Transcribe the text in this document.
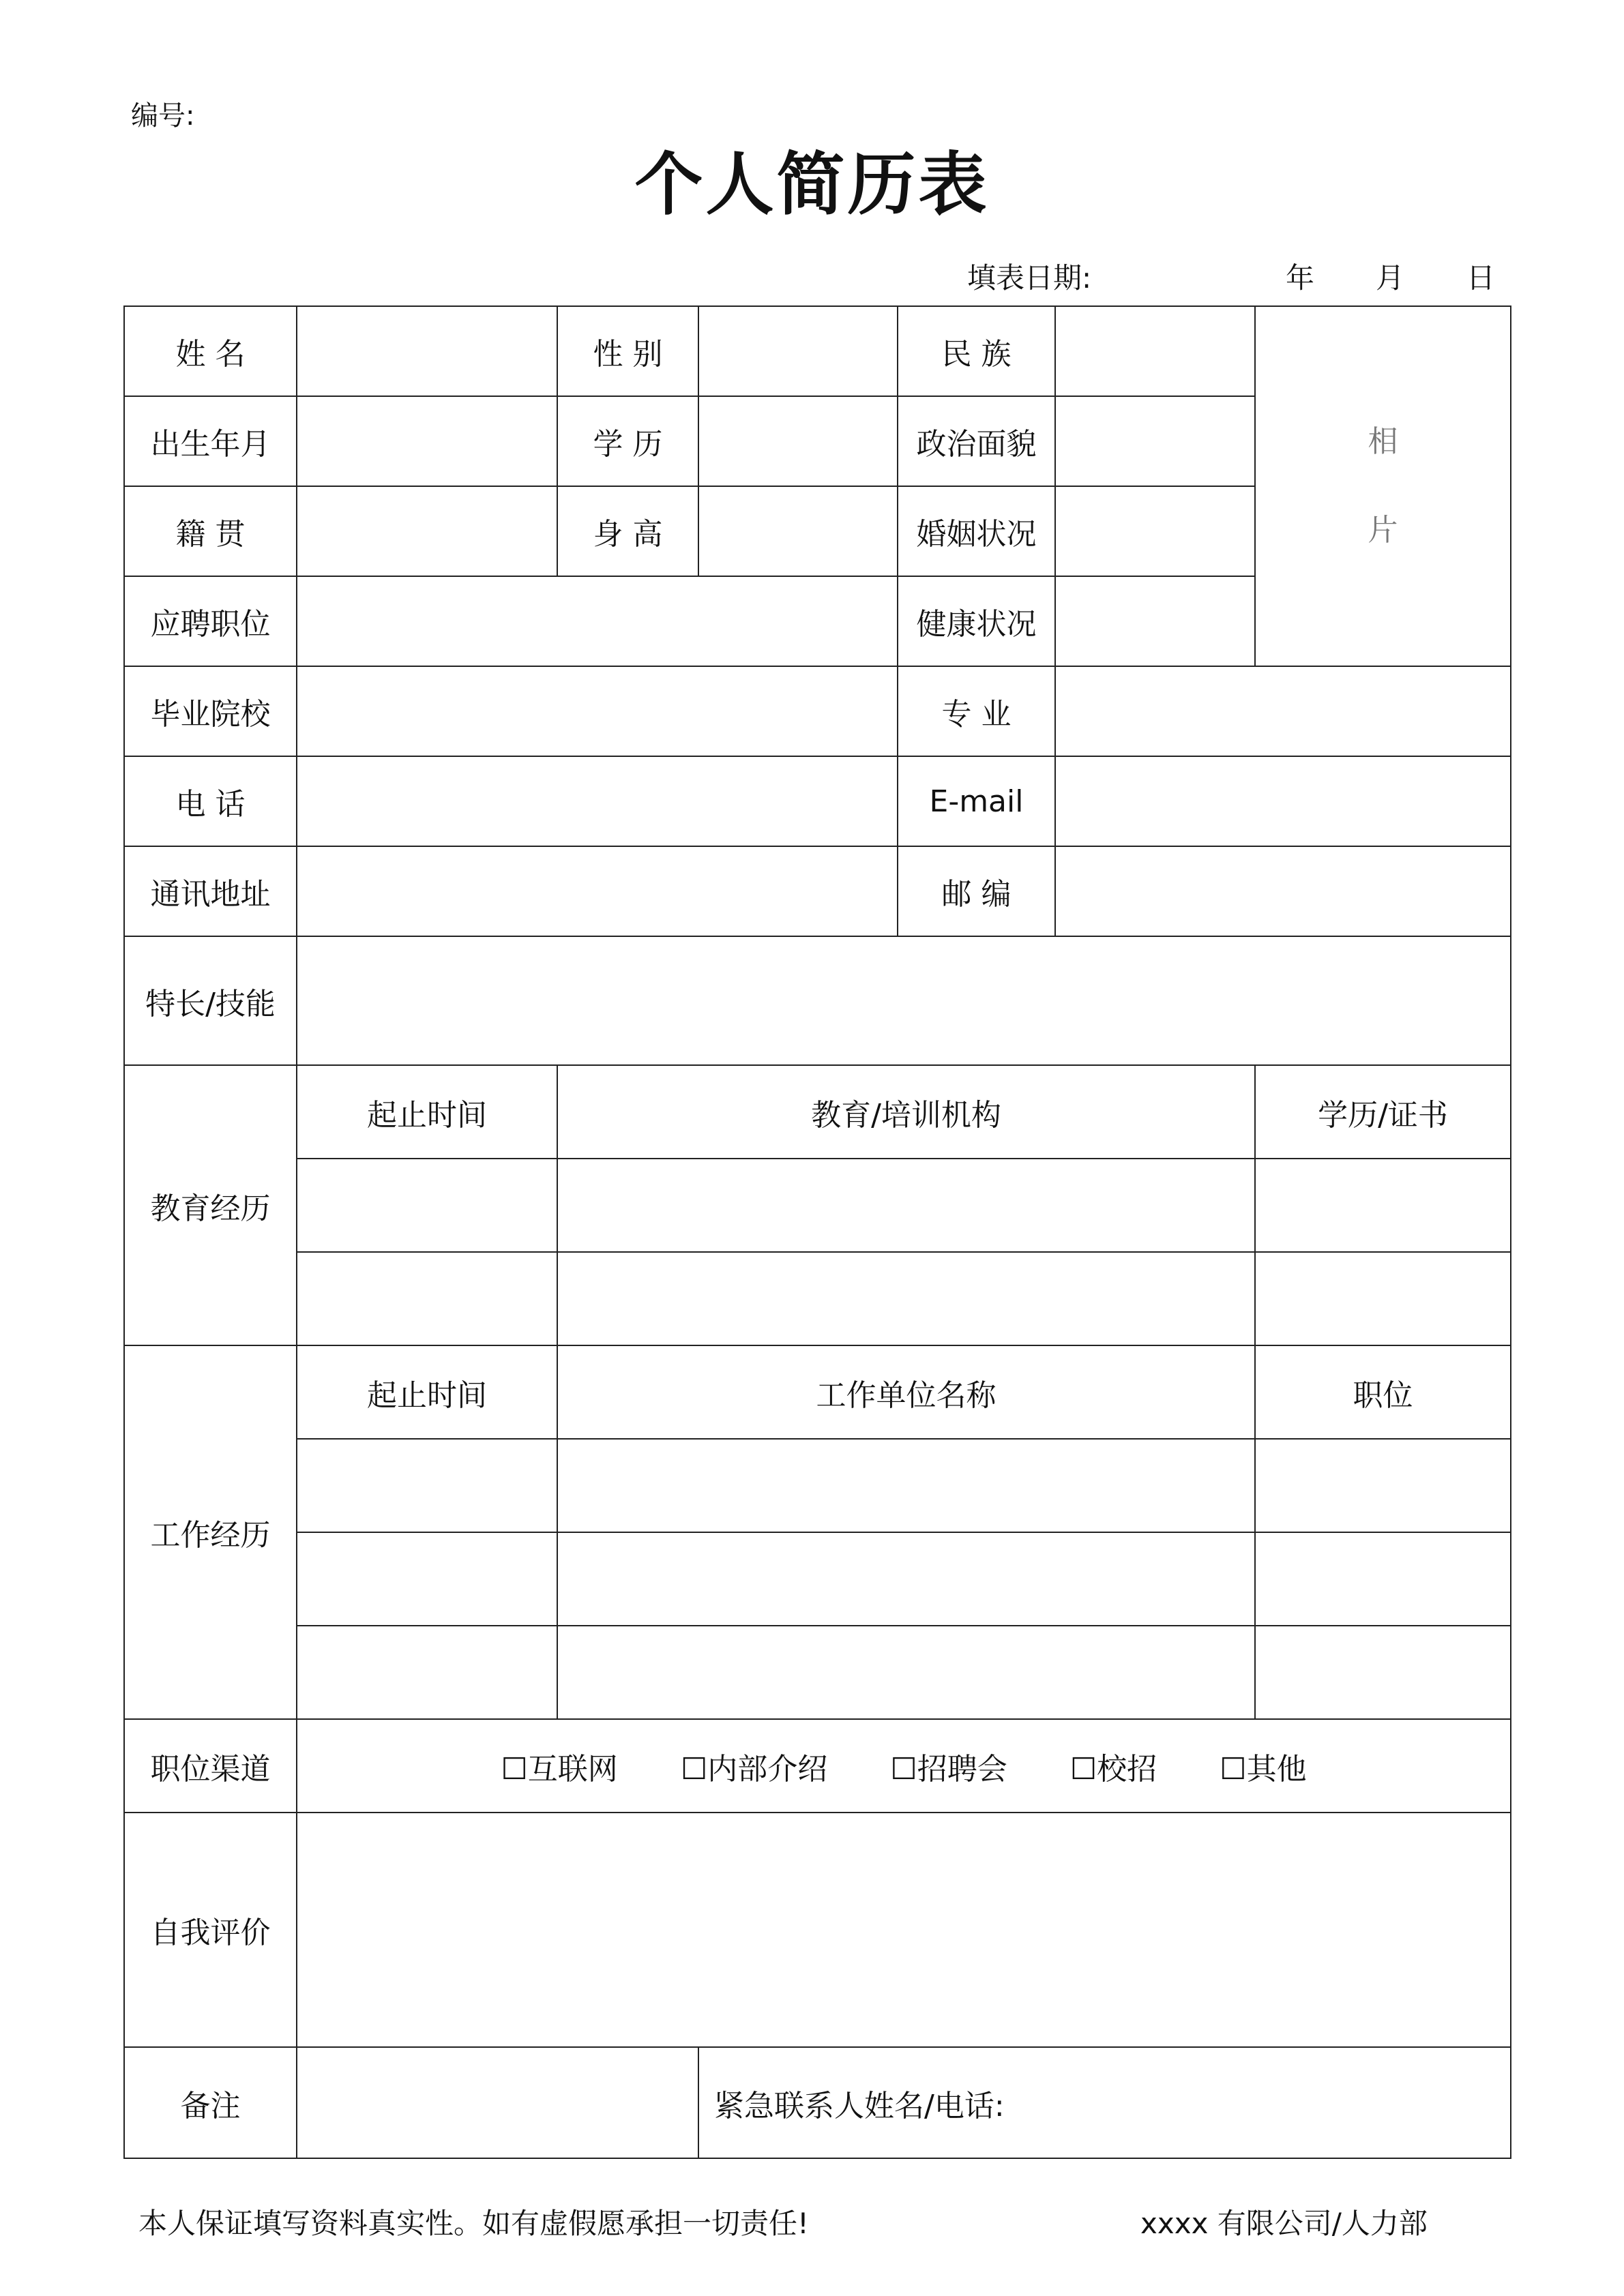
编号:
个人简历表
填表日期:	年 月 日
姓 名		性 别		民 族		相
片

出生年月		学 历		政治面貌		
籍 贯		身 高		婚姻状况		
应聘职位				健康状况		
毕业院校				专 业		
电 话				E-mail		
通讯地址				邮 编		
特长/技能						
教育经历	起止时间	教育/培训机构				学历/证书

工作经历	起止时间	工作单位名称				职位

职位渠道	☐互联网 ☐内部介绍 ☐招聘会 ☐校招 ☐其他					

自我评价						
备注			紧急联系人姓名/电话:			
本人保证填写资料真实性。如有虚假愿承担一切责任!	xxxx 有限公司/人力部
